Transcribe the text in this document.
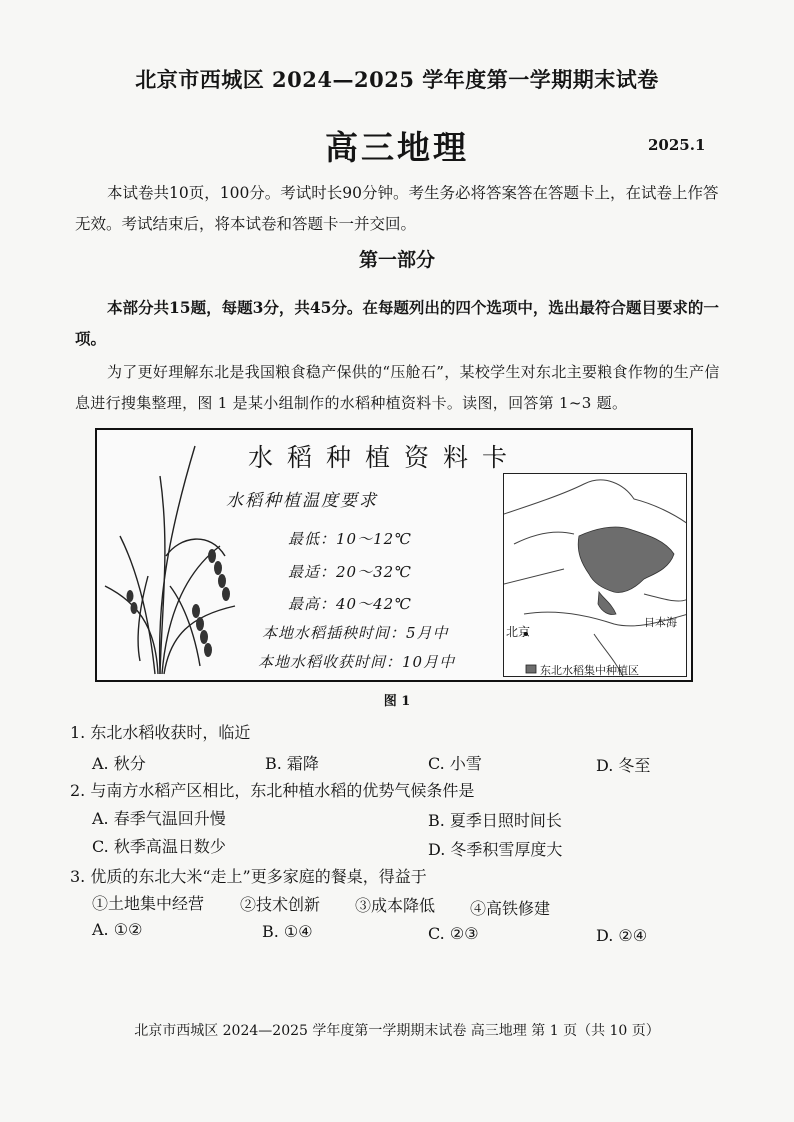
北京市西城区 2024—2025 学年度第一学期期末试卷
高三地理	2025.1
本试卷共10页，100分。考试时长90分钟。考生务必将答案答在答题卡上，在试卷上作答无效。考试结束后，将本试卷和答题卡一并交回。
第一部分
本部分共15题，每题3分，共45分。在每题列出的四个选项中，选出最符合题目要求的一项。
为了更好理解东北是我国粮食稳产保供的“压舱石”，某校学生对东北主要粮食作物的生产信息进行搜集整理，图 1 是某小组制作的水稻种植资料卡。读图，回答第 1~3 题。
水稻种植资料卡
水稻种植温度要求
最低：10～12℃
最适：20～32℃
最高：40～42℃
本地水稻插秧时间：5月中
本地水稻收获时间：10月中
北京
日本海
东北水稻集中种植区
图 1
1. 东北水稻收获时，临近
A. 秋分	B. 霜降	C. 小雪	D. 冬至
2. 与南方水稻产区相比，东北种植水稻的优势气候条件是
A. 春季气温回升慢	B. 夏季日照时间长
C. 秋季高温日数少	D. 冬季积雪厚度大
3. 优质的东北大米“走上”更多家庭的餐桌，得益于
①土地集中经营 ②技术创新 ③成本降低 ④高铁修建
A. ①②	B. ①④	C. ②③	D. ②④
北京市西城区 2024—2025 学年度第一学期期末试卷 高三地理 第 1 页（共 10 页）
